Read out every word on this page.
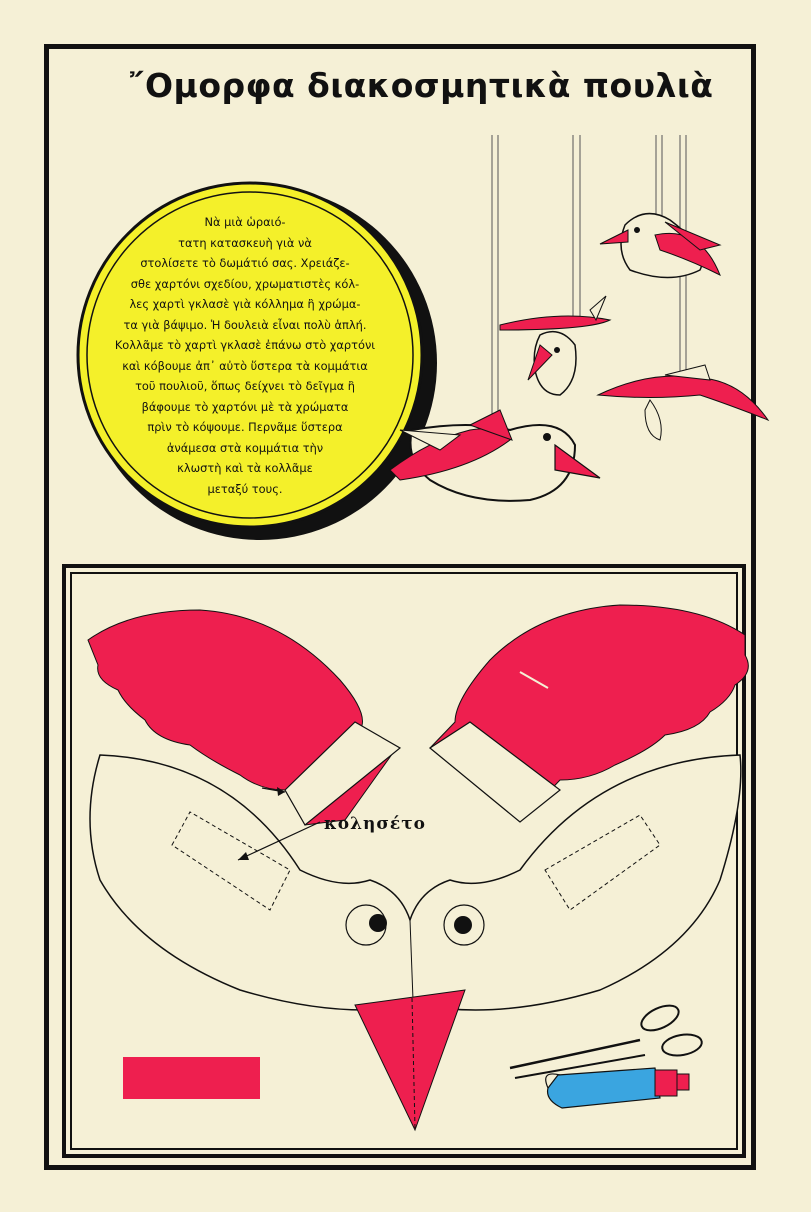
῎Ομορφα διακοσμητικὰ πουλιὰ
Νὰ μιὰ ὡραιό-
τατη κατασκευὴ γιὰ νὰ
στολίσετε τὸ δωμάτιό σας. Χρειάζε-
σθε χαρτόνι σχεδίου, χρωματιστὲς κόλ-
λες χαρτὶ γκλασὲ γιὰ κόλλημα ἢ χρώμα-
τα γιὰ βάψιμο. Ἡ δουλειὰ εἶναι πολὺ ἁπλή.
Κολλᾶμε τὸ χαρτὶ γκλασὲ ἐπάνω στὸ χαρτόνι
καὶ κόβουμε ἀπ᾽ αὐτὸ ὕστερα τὰ κομμάτια
τοῦ πουλιοῦ, ὅπως δείχνει τὸ δεῖγμα ἢ
βάφουμε τὸ χαρτόνι μὲ τὰ χρώματα
πρὶν τὸ κόψουμε. Περνᾶμε ὕστερα
ἀνάμεσα στὰ κομμάτια τὴν
κλωστὴ καὶ τὰ κολλᾶμε
μεταξύ τους.
κολησέτο
